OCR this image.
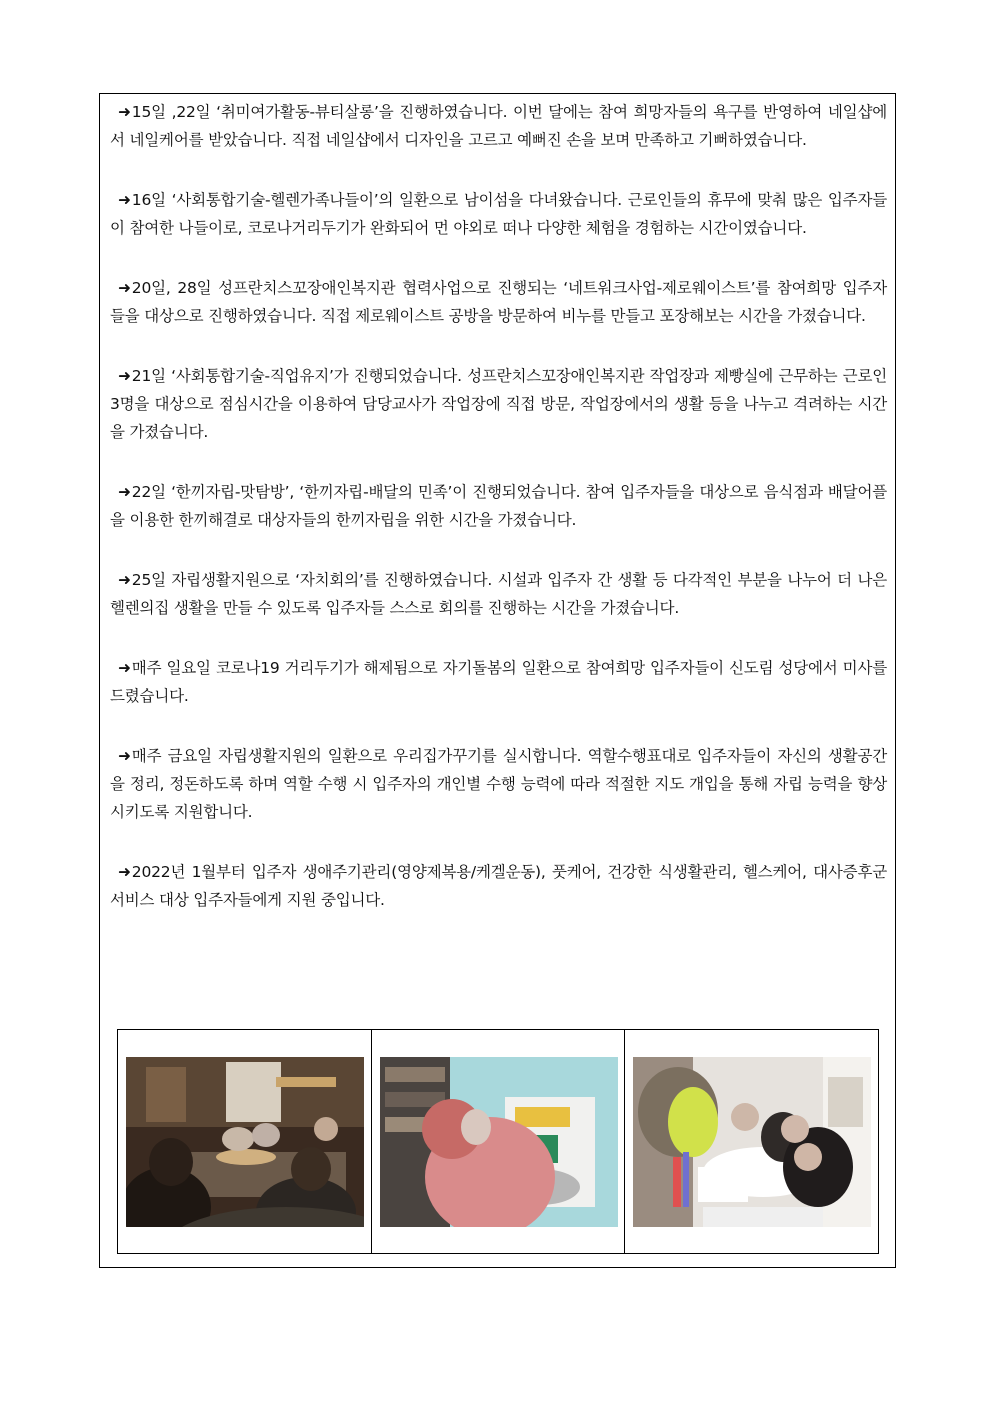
➜15일 ,22일 ‘취미여가활동-뷰티살롱’을 진행하였습니다. 이번 달에는 참여 희망자들의 욕구를 반영하여 네일샵에서 네일케어를 받았습니다. 직접 네일샵에서 디자인을 고르고 예뻐진 손을 보며 만족하고 기뻐하였습니다.

➜16일 ‘사회통합기술-헬렌가족나들이’의 일환으로 남이섬을 다녀왔습니다. 근로인들의 휴무에 맞춰 많은 입주자들이 참여한 나들이로, 코로나거리두기가 완화되어 먼 야외로 떠나 다양한 체험을 경험하는 시간이였습니다.

➜20일, 28일 성프란치스꼬장애인복지관 협력사업으로 진행되는 ‘네트워크사업-제로웨이스트’를 참여희망 입주자들을 대상으로 진행하였습니다. 직접 제로웨이스트 공방을 방문하여 비누를 만들고 포장해보는 시간을 가졌습니다.

➜21일 ‘사회통합기술-직업유지’가 진행되었습니다. 성프란치스꼬장애인복지관 작업장과 제빵실에 근무하는 근로인 3명을 대상으로 점심시간을 이용하여 담당교사가 작업장에 직접 방문, 작업장에서의 생활 등을 나누고 격려하는 시간을 가졌습니다.

➜22일 ‘한끼자립-맛탐방’, ‘한끼자립-배달의 민족’이 진행되었습니다. 참여 입주자들을 대상으로 음식점과 배달어플을 이용한 한끼해결로 대상자들의 한끼자립을 위한 시간을 가졌습니다.

➜25일 자립생활지원으로 ‘자치회의’를 진행하였습니다. 시설과 입주자 간 생활 등 다각적인 부분을 나누어 더 나은 헬렌의집 생활을 만들 수 있도록 입주자들 스스로 회의를 진행하는 시간을 가졌습니다.

➜매주 일요일 코로나19 거리두기가 해제됨으로 자기돌봄의 일환으로 참여희망 입주자들이 신도림 성당에서 미사를 드렸습니다.

➜매주 금요일 자립생활지원의 일환으로 우리집가꾸기를 실시합니다. 역할수행표대로 입주자들이 자신의 생활공간을 정리, 정돈하도록 하며 역할 수행 시 입주자의 개인별 수행 능력에 따라 적절한 지도 개입을 통해 자립 능력을 향상 시키도록 지원합니다.

➜2022년 1월부터 입주자 생애주기관리(영양제복용/케겔운동), 풋케어, 건강한 식생활관리, 헬스케어, 대사증후군 서비스 대상 입주자들에게 지원 중입니다.
